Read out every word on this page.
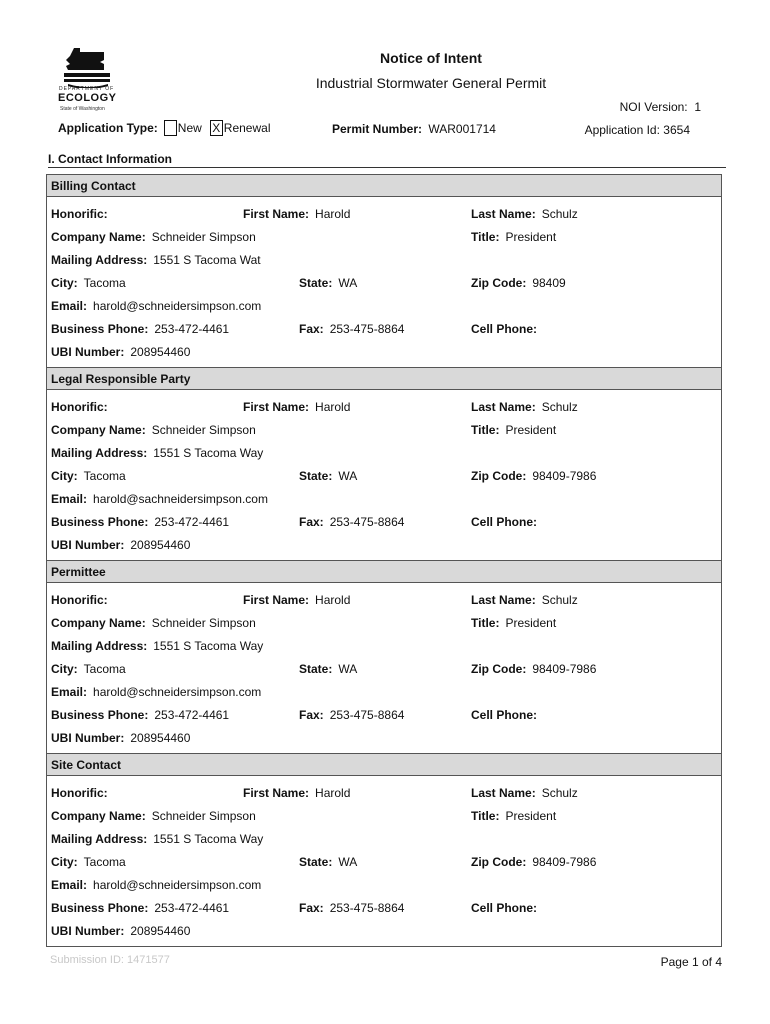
DEPARTMENT OF
ECOLOGY
State of Washington
Notice of Intent
Industrial Stormwater General Permit
NOI Version: 1
Application Type: New X Renewal	Permit Number: WAR001714	Application Id: 3654
I. Contact Information
Billing Contact
Honorific:	First Name: Harold	Last Name: Schulz
Company Name: Schneider Simpson	Title: President
Mailing Address: 1551 S Tacoma Wat
City: Tacoma	State: WA	Zip Code: 98409
Email: harold@schneidersimpson.com
Business Phone: 253-472-4461	Fax: 253-475-8864	Cell Phone:
UBI Number: 208954460
Legal Responsible Party
Honorific:	First Name: Harold	Last Name: Schulz
Company Name: Schneider Simpson	Title: President
Mailing Address: 1551 S Tacoma Way
City: Tacoma	State: WA	Zip Code: 98409-7986
Email: harold@sachneidersimpson.com
Business Phone: 253-472-4461	Fax: 253-475-8864	Cell Phone:
UBI Number: 208954460
Permittee
Honorific:	First Name: Harold	Last Name: Schulz
Company Name: Schneider Simpson	Title: President
Mailing Address: 1551 S Tacoma Way
City: Tacoma	State: WA	Zip Code: 98409-7986
Email: harold@schneidersimpson.com
Business Phone: 253-472-4461	Fax: 253-475-8864	Cell Phone:
UBI Number: 208954460
Site Contact
Honorific:	First Name: Harold	Last Name: Schulz
Company Name: Schneider Simpson	Title: President
Mailing Address: 1551 S Tacoma Way
City: Tacoma	State: WA	Zip Code: 98409-7986
Email: harold@schneidersimpson.com
Business Phone: 253-472-4461	Fax: 253-475-8864	Cell Phone:
UBI Number: 208954460
Submission ID: 1471577	Page 1 of 4
